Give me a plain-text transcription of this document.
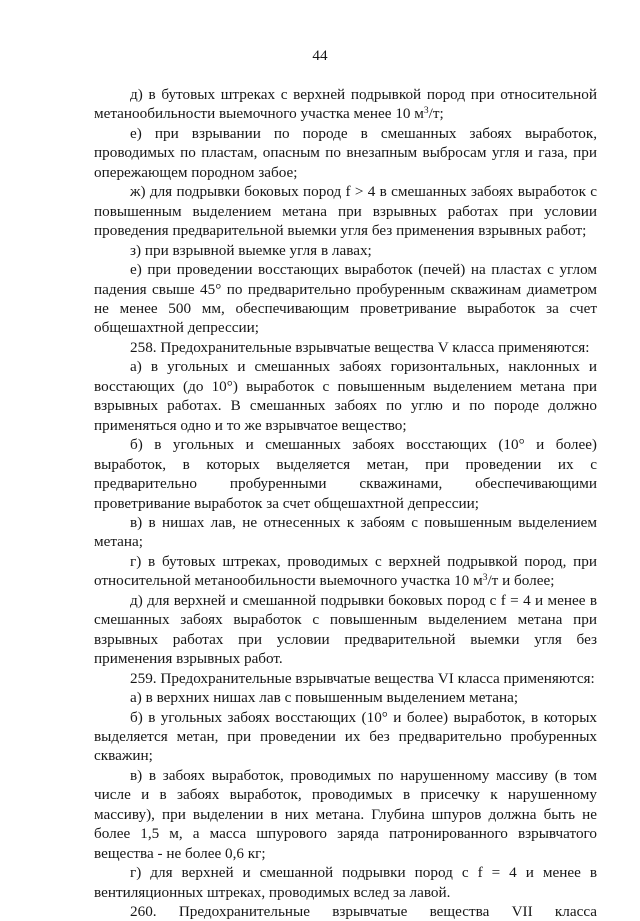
44

д) в бутовых штреках с верхней подрывкой пород при относительной метанообильности выемочного участка менее 10 $м^3/т$;

е) при взрывании по породе в смешанных забоях выработок, проводимых по пластам, опасным по внезапным выбросам угля и газа, при опережающем породном забое;

ж) для подрывки боковых пород f > 4 в смешанных забоях выработок с повышенным выделением метана при взрывных работах при условии проведения предварительной выемки угля без применения взрывных работ;

з) при взрывной выемке угля в лавах;

е) при проведении восстающих выработок (печей) на пластах с углом падения свыше 45° по предварительно пробуренным скважинам диаметром не менее 500 мм, обеспечивающим проветривание выработок за счет общешахтной депрессии;

258. Предохранительные взрывчатые вещества V класса применяются:

а) в угольных и смешанных забоях горизонтальных, наклонных и восстающих (до 10°) выработок с повышенным выделением метана при взрывных работах. В смешанных забоях по углю и по породе должно применяться одно и то же взрывчатое вещество;

б) в угольных и смешанных забоях восстающих (10° и более) выработок, в которых выделяется метан, при проведении их с предварительно пробуренными скважинами, обеспечивающими проветривание выработок за счет общешахтной депрессии;

в) в нишах лав, не отнесенных к забоям с повышенным выделением метана;

г) в бутовых штреках, проводимых с верхней подрывкой пород, при относительной метанообильности выемочного участка 10 $м^3/т$ и более;

д) для верхней и смешанной подрывки боковых пород с f = 4 и менее в смешанных забоях выработок с повышенным выделением метана при взрывных работах при условии предварительной выемки угля без применения взрывных работ.

259. Предохранительные взрывчатые вещества VI класса применяются:

а) в верхних нишах лав с повышенным выделением метана;

б) в угольных забоях восстающих (10° и более) выработок, в которых выделяется метан, при проведении их без предварительно пробуренных скважин;

в) в забоях выработок, проводимых по нарушенному массиву (в том числе и в забоях выработок, проводимых в присечку к нарушенному массиву), при выделении в них метана. Глубина шпуров должна быть не более 1,5 м, а масса шпурового заряда патронированного взрывчатого вещества - не более 0,6 кг;

г) для верхней и смешанной подрывки пород с f = 4 и менее в вентиляционных штреках, проводимых вслед за лавой.

260. Предохранительные взрывчатые вещества VII класса
